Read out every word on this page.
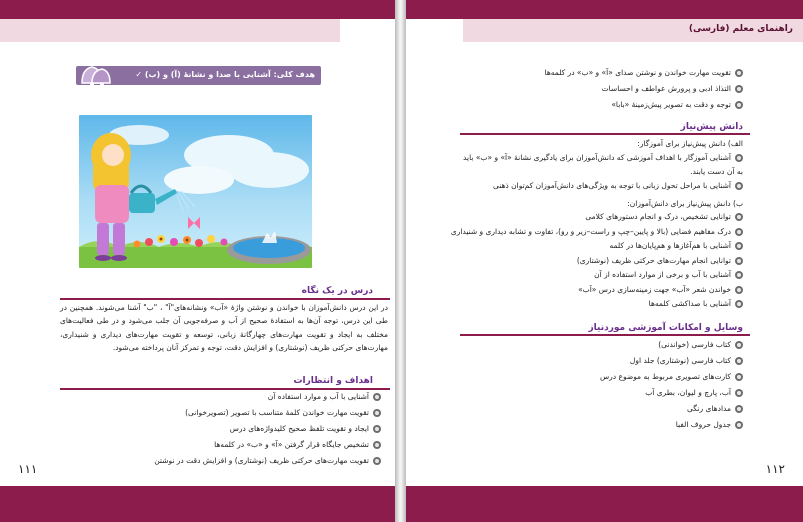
✓ هدف کلی: آشنایی با صدا و نشانهٔ (آ) و (ب)
درس در یک نگاه
در این درس دانش‌آموزان با خواندن و نوشتن واژهٔ «آب» ونشانه‌های"آ" ، "ب" آشنا می‌شوند. همچنین در طی این درس، توجه آن‌ها به استفادهٔ صحیح از آب و صرفه‌جویی آن جلب می‌شود و در طی فعالیت‌های مختلف به ایجاد و تقویت مهارت‌های چهارگانهٔ زبانی، توسعه و تقویت مهارت‌های دیداری و شنیداری، مهارت‌های حرکتی ظریف (نوشتاری) و افزایش دقت، توجه و تمرکز آنان پرداخته می‌شود.
اهداف و انتظارات
آشنایی با آب و موارد استفاده آن
تقویت مهارت خواندن کلمهٔ متناسب با تصویر (تصویرخوانی)
ایجاد و تقویت تلفظ صحیح کلیدواژه‌های درس
تشخیص جایگاه قرار گرفتن «آ» و «ب» در کلمه‌ها
تقویت مهارت‌های حرکتی ظریف (نوشتاری) و افزایش دقت در نوشتن
۱۱۱
راهنمای معلم (فارسی)
تقویت مهارت خواندن و نوشتن صدای «آ» و «ب» در کلمه‌ها
التذاذ ادبی و پرورش عواطف و احساسات
توجه و دقت به تصویر پیش‌زمینهٔ «بابا»
دانش پیش‌نیاز
الف) دانش پیش‌نیاز برای آموزگار:
آشنایی آموزگار با اهداف آموزشی که دانش‌آموزان برای یادگیری نشانهٔ «آ» و «ب» باید
به آن دست یابند.
آشنایی با مراحل تحول زبانی با توجه به ویژگی‌های دانش‌آموزان کم‌توان ذهنی
ب) دانش پیش‌نیاز برای دانش‌آموزان:
توانایی تشخیص، درک و انجام دستورهای کلامی
درک مفاهیم فضایی (بالا و پایین–چپ و راست–زیر و رو)، تفاوت و تشابه دیداری و شنیداری
آشنایی با هم‌آغازها و هم‌پایان‌ها در کلمه
توانایی انجام مهارت‌های حرکتی ظریف (نوشتاری)
آشنایی با آب و برخی از موارد استفاده از آن
خواندن شعر «آب» جهت زمینه‌سازی درس «آب»
آشنایی با صداکشی کلمه‌ها
وسایل و امکانات آموزشی موردنیاز
کتاب فارسی (خواندنی)
کتاب فارسی (نوشتاری) جلد اول
کارت‌های تصویری مربوط به موضوع درس
آب، پارچ و لیوان، بطری آب
مدادهای رنگی
جدول حروف الفبا
۱۱۲
